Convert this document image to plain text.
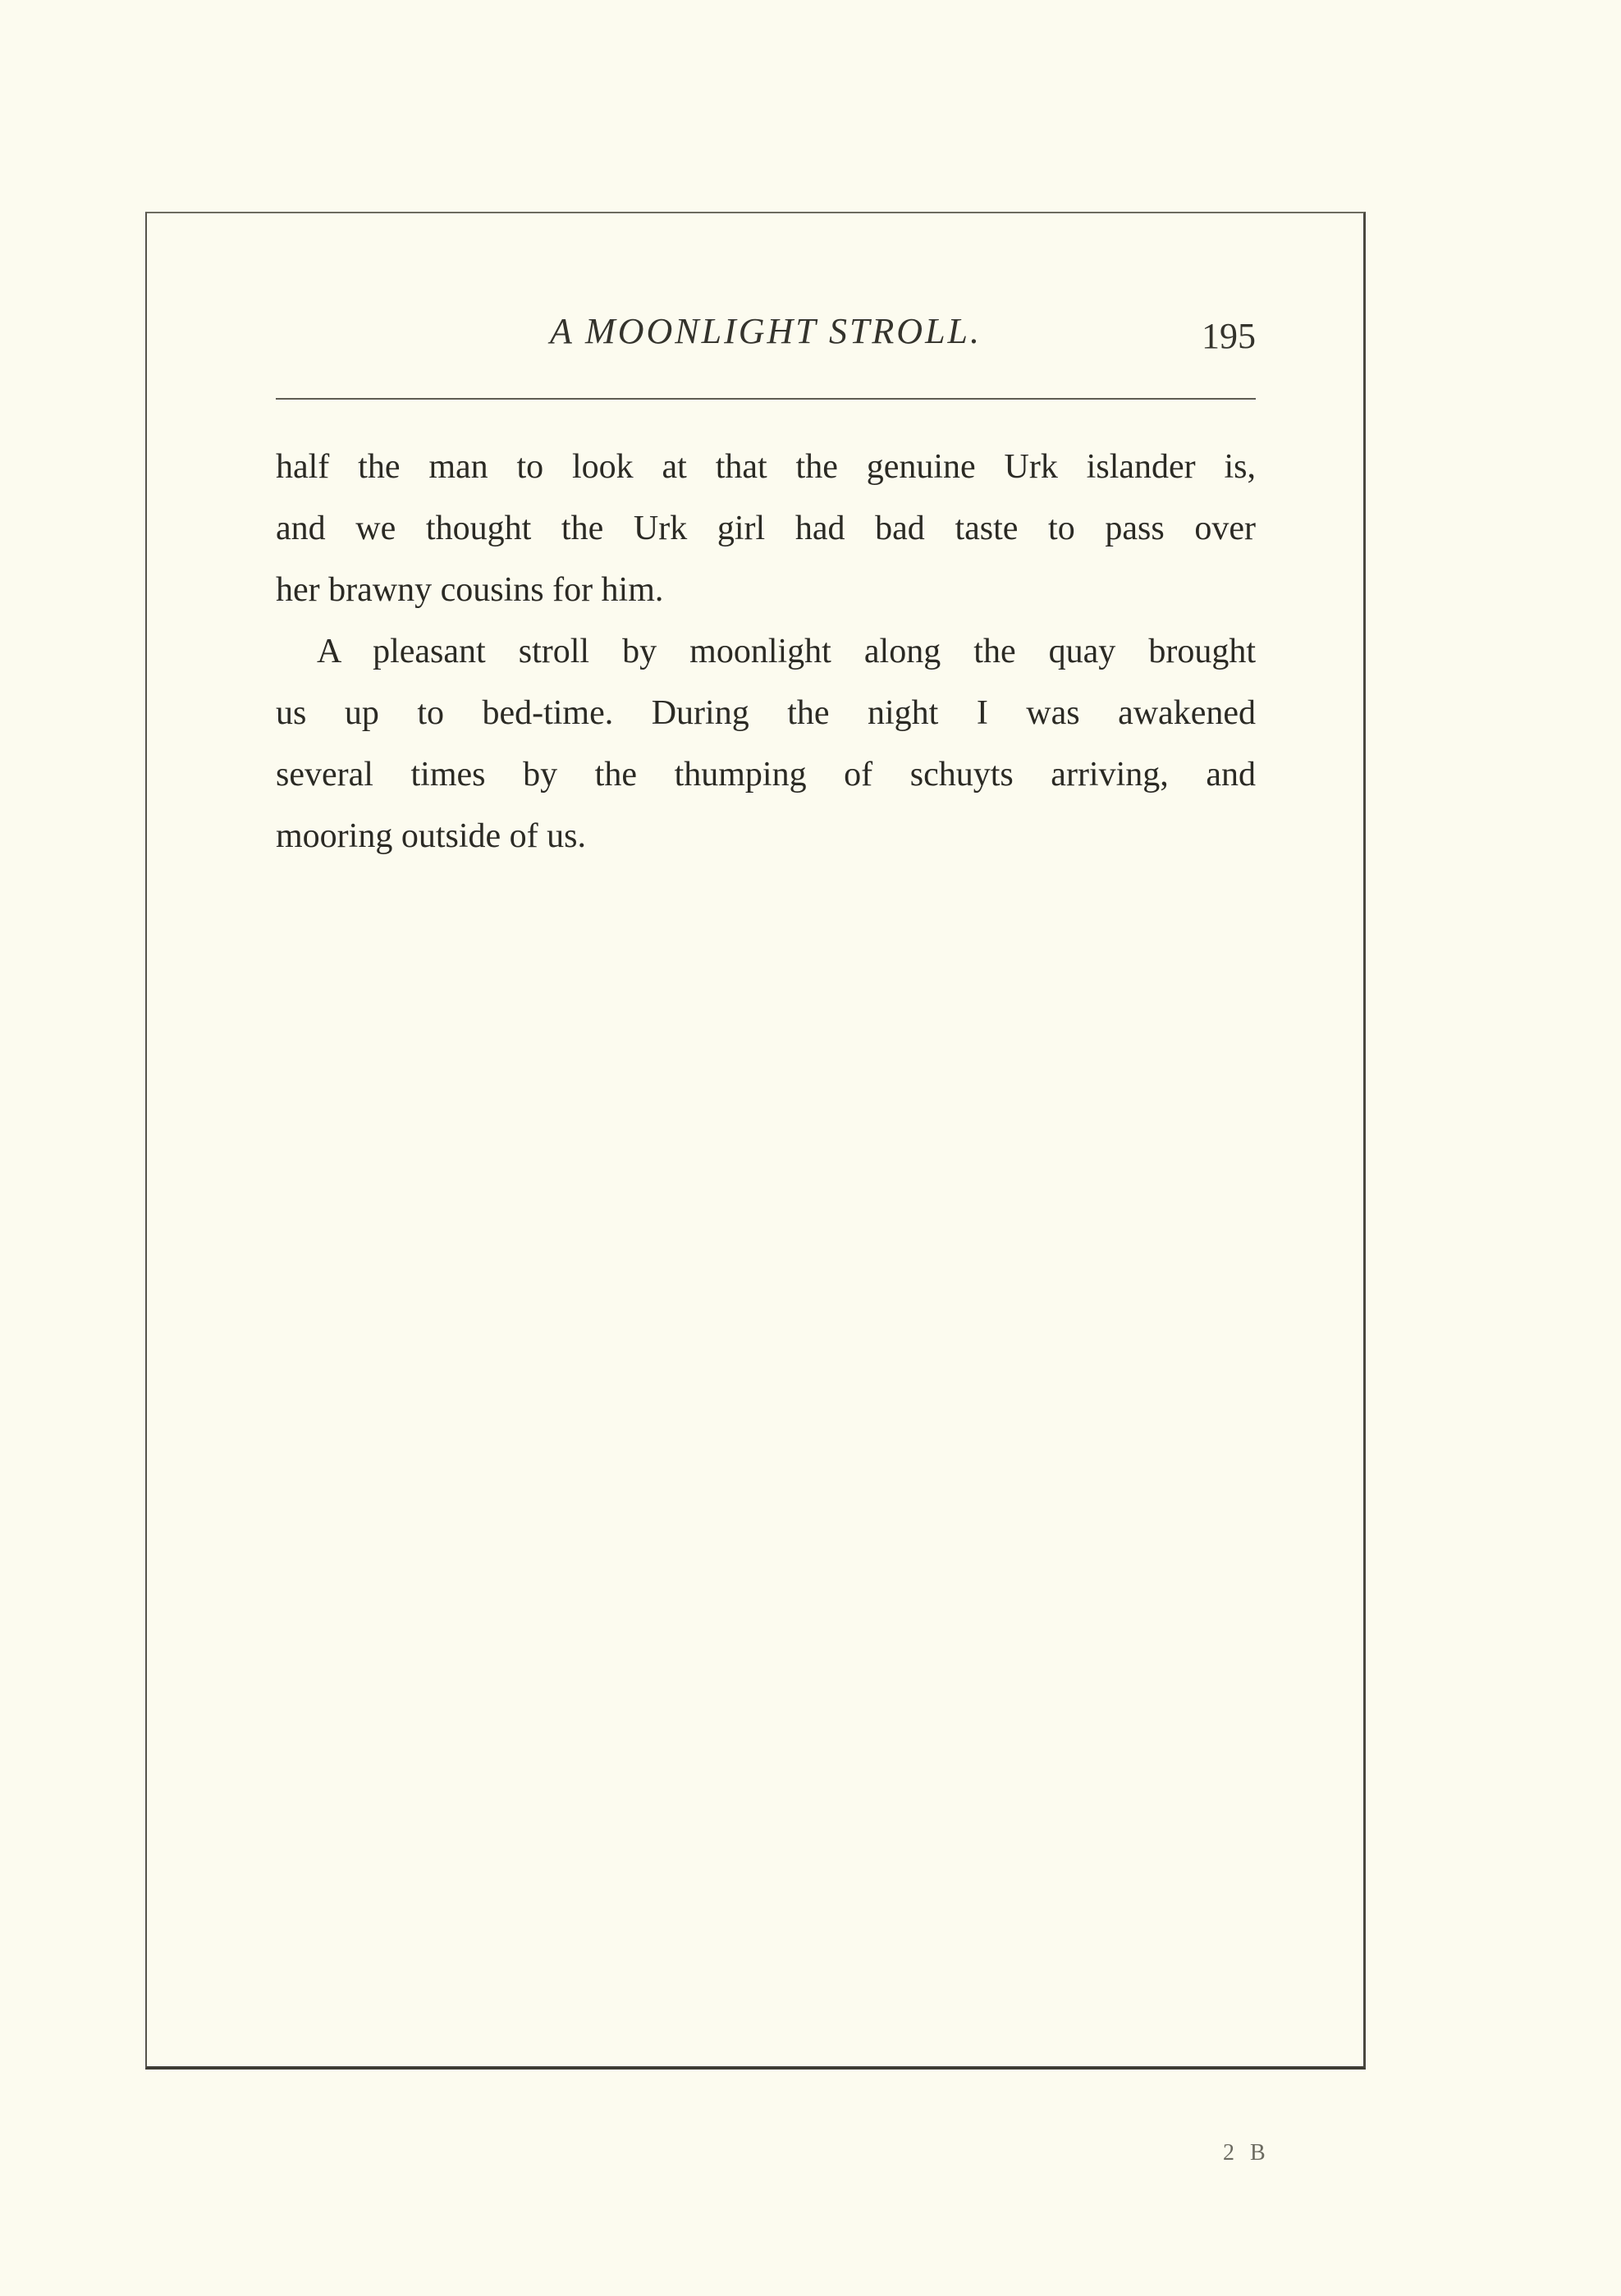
A MOONLIGHT STROLL.	195
half the man to look at that the genuine Urk islander is,
and we thought the Urk girl had bad taste to pass over
her brawny cousins for him.
A pleasant stroll by moonlight along the quay brought
us up to bed-time. During the night I was awakened
several times by the thumping of schuyts arriving, and
mooring outside of us.
2 B
